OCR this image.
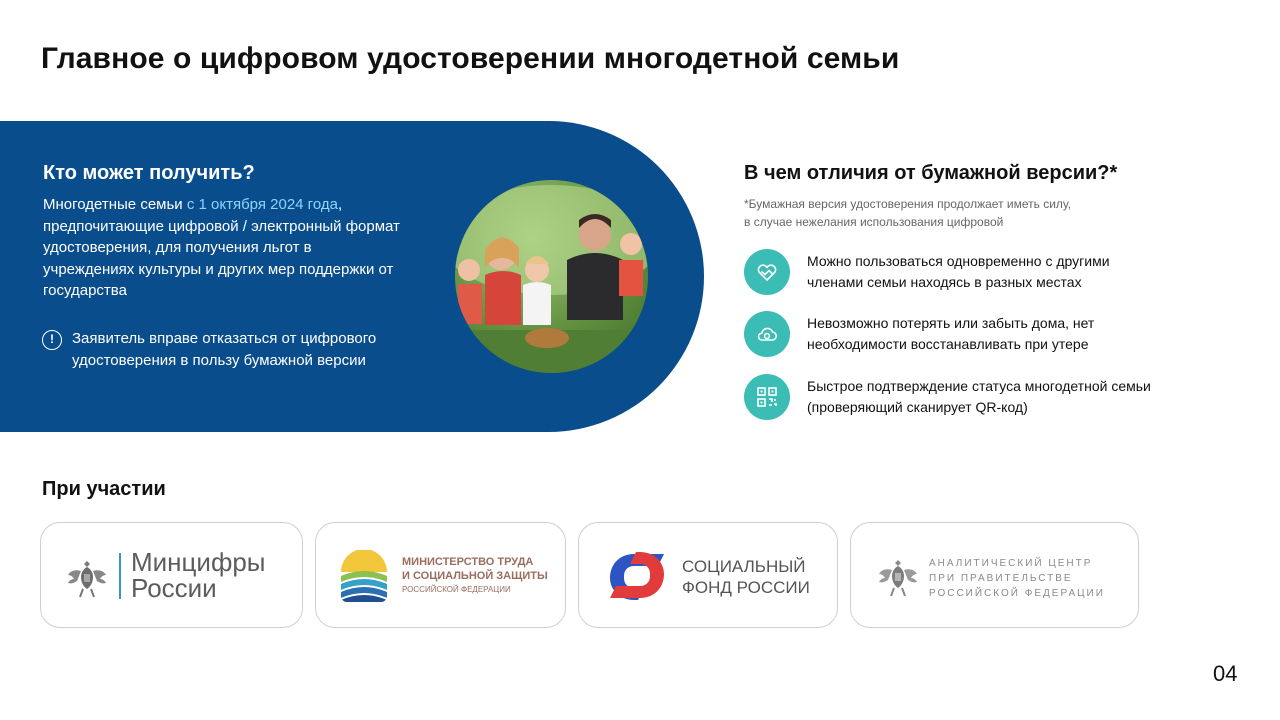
Главное о цифровом удостоверении многодетной семьи
Кто может получить?
Многодетные семьи с 1 октября 2024 года, предпочитающие цифровой / электронный формат удостоверения, для получения льгот в учреждениях культуры и других мер поддержки от государства
!	Заявитель вправе отказаться от цифрового удостоверения в пользу бумажной версии
В чем отличия от бумажной версии?*
*Бумажная версия удостоверения продолжает иметь силу,
в случае нежелания использования цифровой
Можно пользоваться одновременно с другими членами семьи находясь в разных местах
Невозможно потерять или забыть дома, нет необходимости восстанавливать при утере
Быстрое подтверждение статуса многодетной семьи (проверяющий сканирует QR-код)
При участии
Минцифры
России
МИНИСТЕРСТВО ТРУДА
И СОЦИАЛЬНОЙ ЗАЩИТЫ
РОССИЙСКОЙ ФЕДЕРАЦИИ
СОЦИАЛЬНЫЙ
ФОНД РОССИИ
АНАЛИТИЧЕСКИЙ ЦЕНТР
ПРИ ПРАВИТЕЛЬСТВЕ
РОССИЙСКОЙ ФЕДЕРАЦИИ
04
